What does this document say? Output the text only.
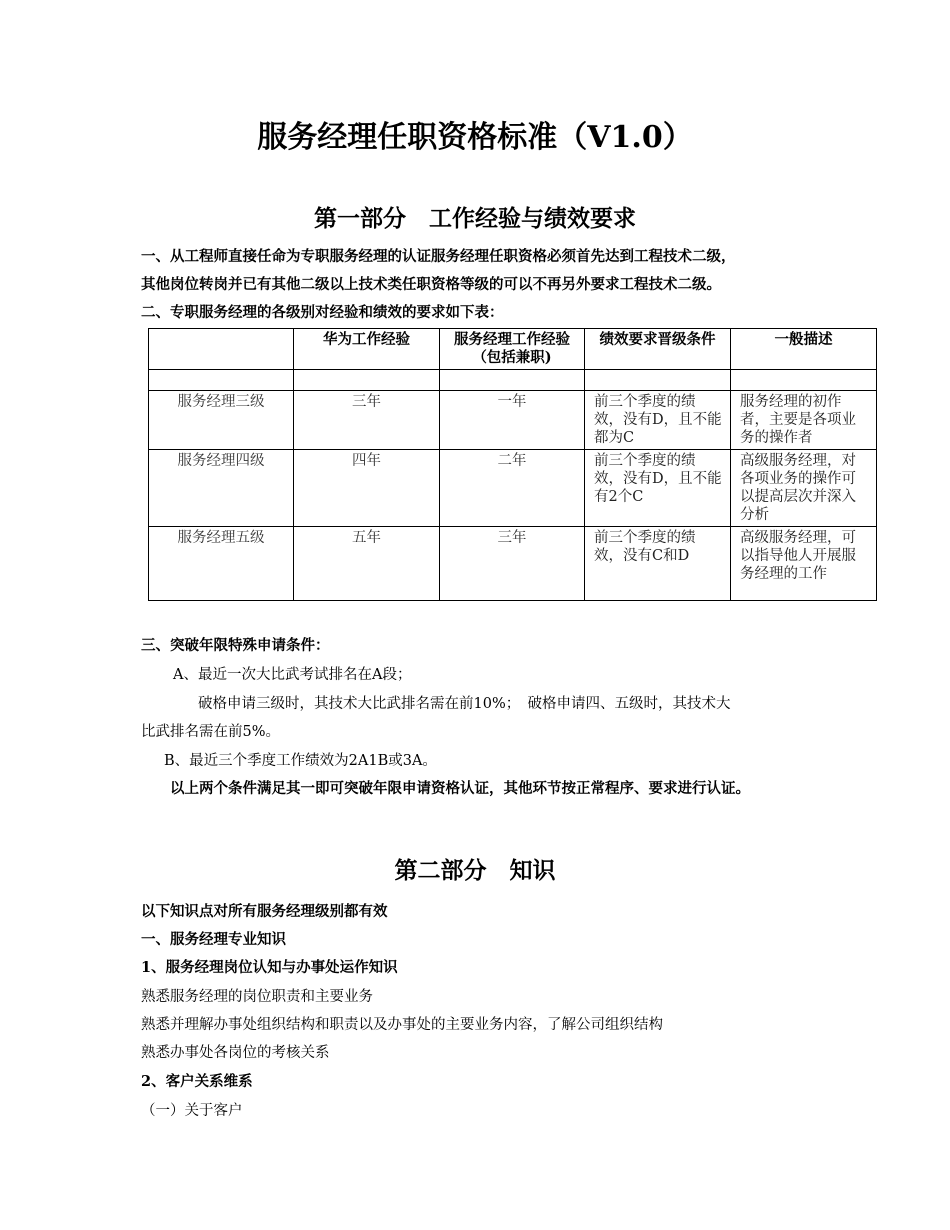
服务经理任职资格标准（V1.0）
第一部分　工作经验与绩效要求
一、从工程师直接任命为专职服务经理的认证服务经理任职资格必须首先达到工程技术二级，
其他岗位转岗并已有其他二级以上技术类任职资格等级的可以不再另外要求工程技术二级。
二、专职服务经理的各级别对经验和绩效的要求如下表：
	华为工作经验	服务经理工作经验（包括兼职)	绩效要求晋级条件	一般描述

服务经理三级	三年	一年	前三个季度的绩效，没有D，且不能都为C	服务经理的初作者，主要是各项业务的操作者
服务经理四级	四年	二年	前三个季度的绩效，没有D，且不能有2个C	高级服务经理，对各项业务的操作可以提高层次并深入分析
服务经理五级	五年	三年	前三个季度的绩效，没有C和D	高级服务经理，可以指导他人开展服务经理的工作
三、突破年限特殊申请条件：
A、最近一次大比武考试排名在A段；
破格申请三级时，其技术大比武排名需在前10%；　破格申请四、五级时，其技术大
比武排名需在前5%。
B、最近三个季度工作绩效为2A1B或3A。
以上两个条件满足其一即可突破年限申请资格认证，其他环节按正常程序、要求进行认证。
第二部分　知识
以下知识点对所有服务经理级别都有效
一、服务经理专业知识
1、服务经理岗位认知与办事处运作知识
熟悉服务经理的岗位职责和主要业务
熟悉并理解办事处组织结构和职责以及办事处的主要业务内容，了解公司组织结构
熟悉办事处各岗位的考核关系
2、客户关系维系
（一）关于客户
